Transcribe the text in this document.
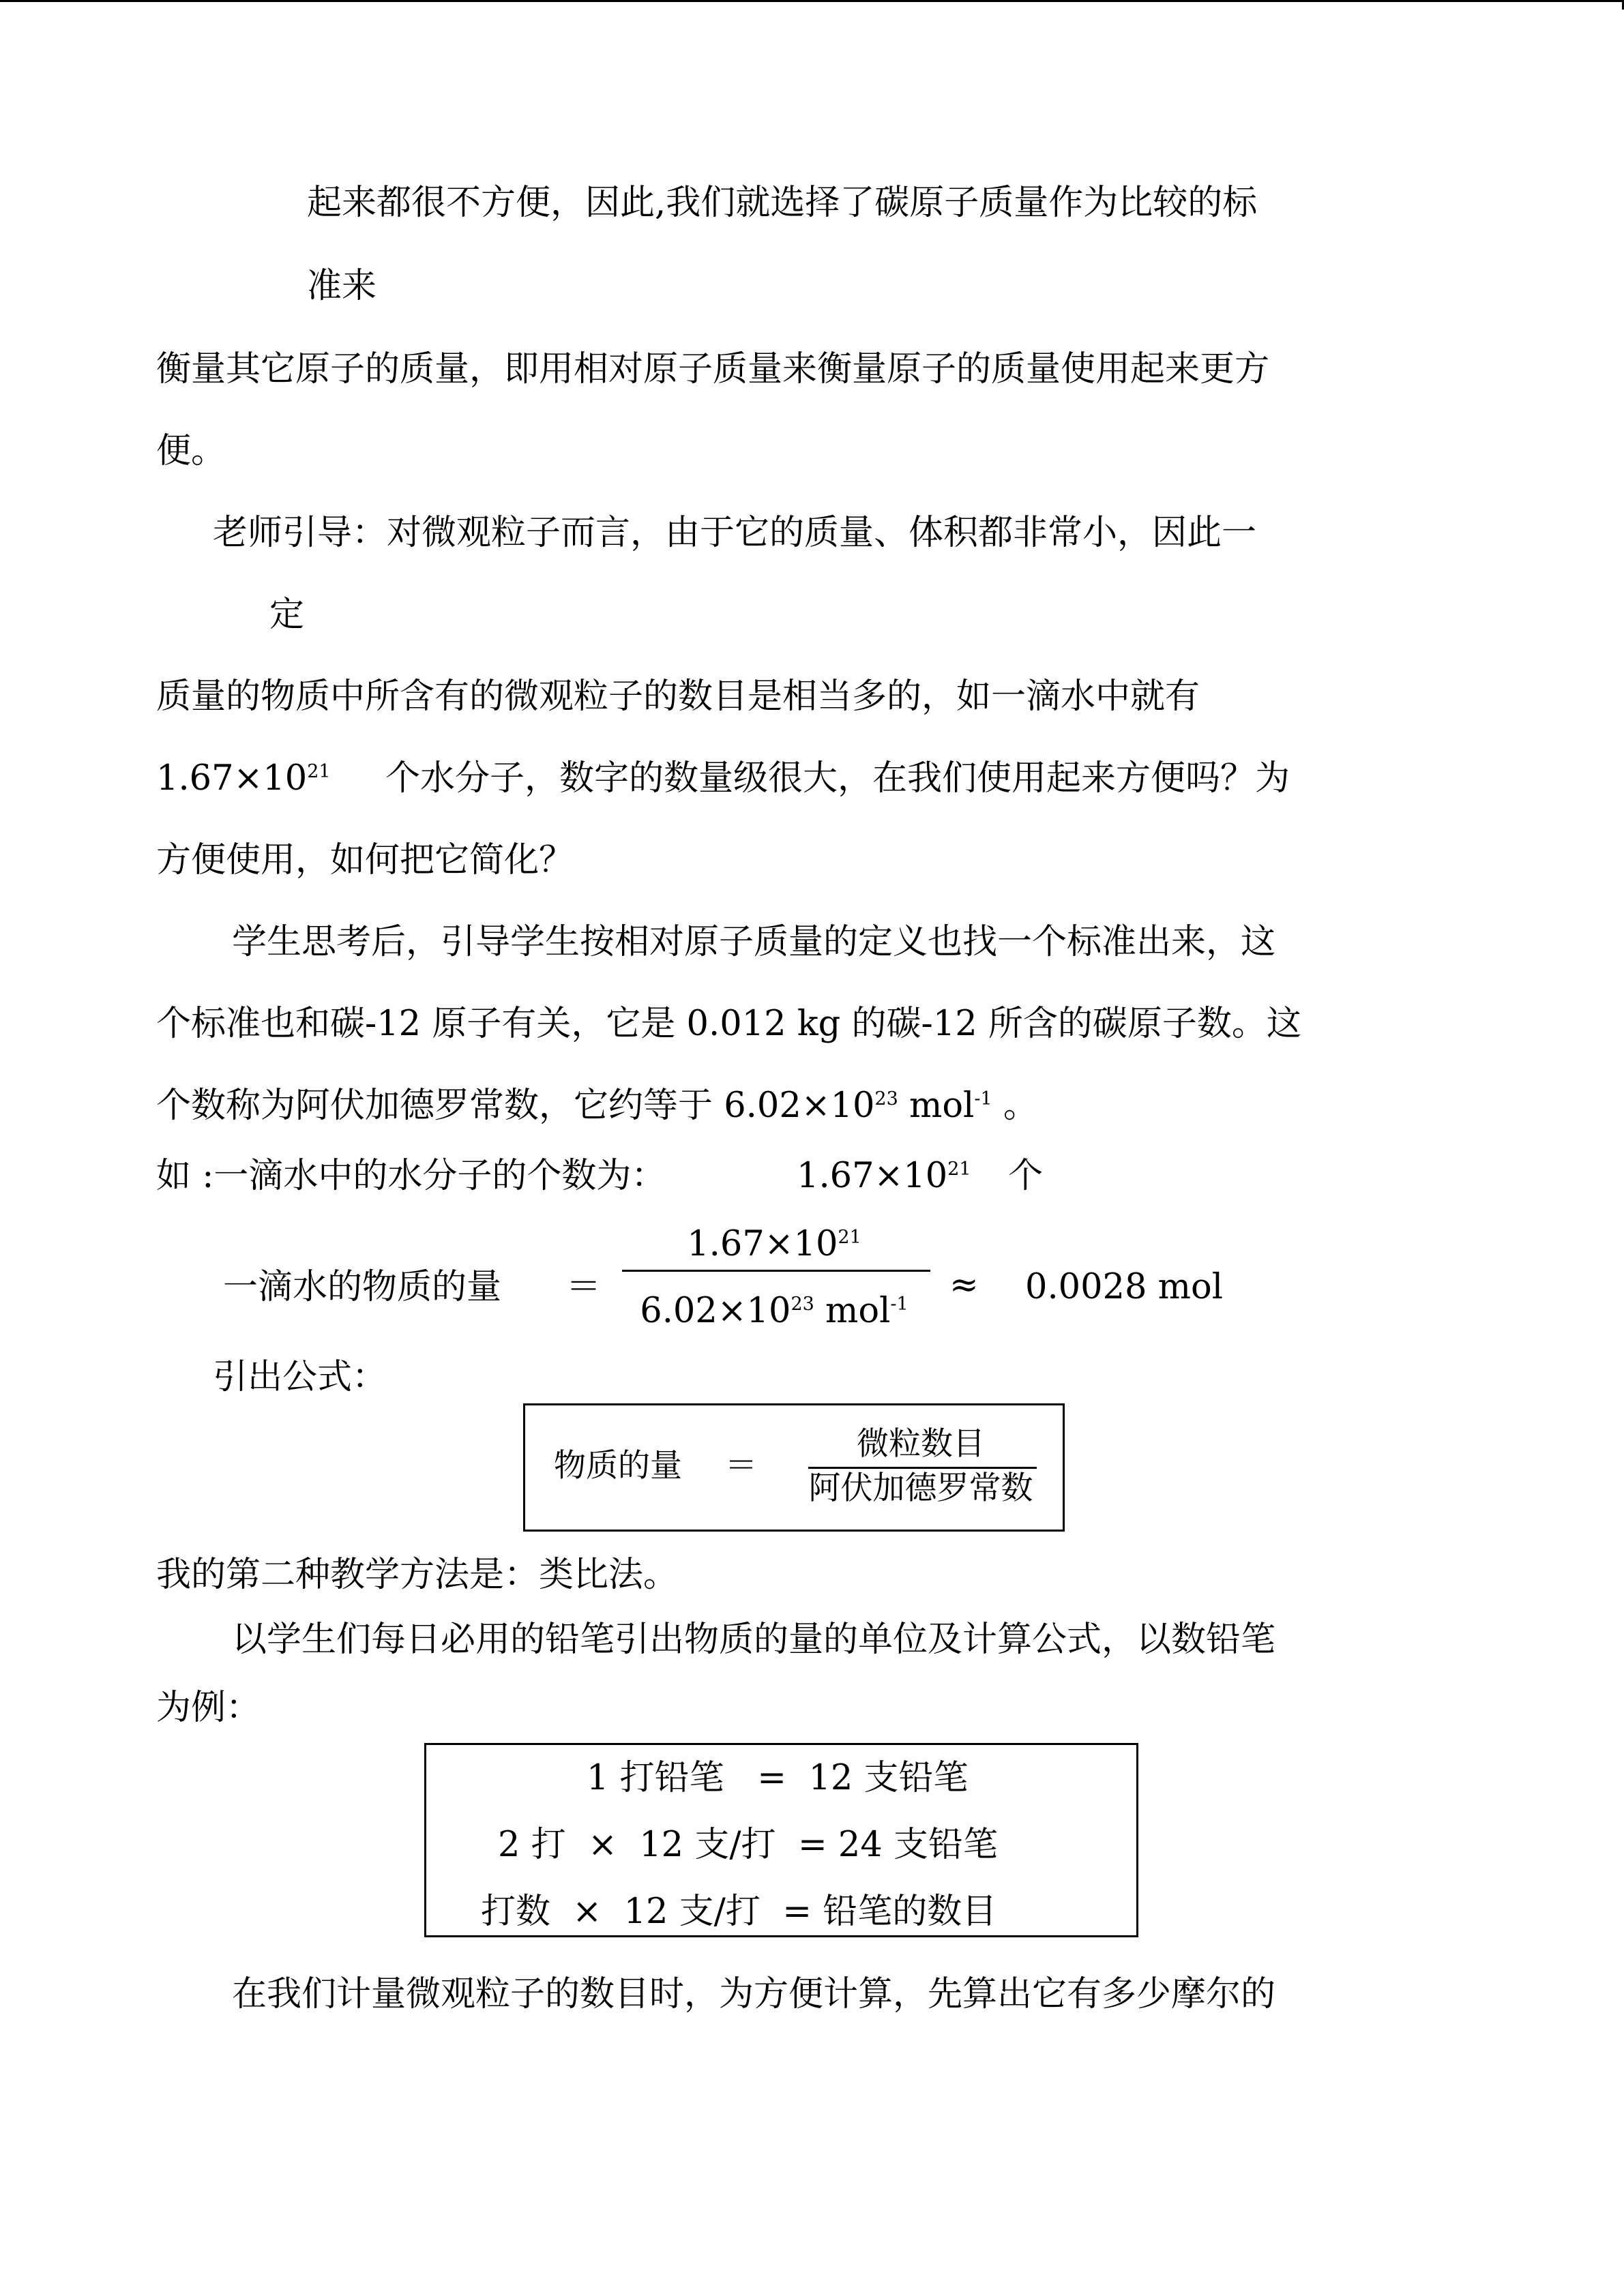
起来都很不方便，因此,我们就选择了碳原子质量作为比较的标
准来
衡量其它原子的质量，即用相对原子质量来衡量原子的质量使用起来更方
便。
老师引导：对微观粒子而言，由于它的质量、体积都非常小，因此一
定
质量的物质中所含有的微观粒子的数目是相当多的，如一滴水中就有
$1.67\times 10^{21}$ 个水分子，数字的数量级很大，在我们使用起来方便吗？为
方便使用，如何把它简化？
学生思考后，引导学生按相对原子质量的定义也找一个标准出来，这
个标准也和碳-12 原子有关，它是 0.012 kg 的碳-12 所含的碳原子数。这
个数称为阿伏加德罗常数，它约等于 $6.02\times 10^{23}$ mol$^{-1}$ 。
如 :一滴水中的水分子的个数为：	$1.67\times 10^{21}$ 个
一滴水的物质的量 ＝
$1.67\times 10^{21}$
$6.02\times 10^{23}$ mol$^{-1}$	≈ 0.0028 mol
引出公式：
物质的量 ＝
微粒数目
阿伏加德罗常数
我的第二种教学方法是：类比法。
以学生们每日必用的铅笔引出物质的量的单位及计算公式，以数铅笔
为例：
1 打铅笔   =  12 支铅笔
2 打  ×  12 支/打  = 24 支铅笔
打数  ×  12 支/打  = 铅笔的数目
在我们计量微观粒子的数目时，为方便计算，先算出它有多少摩尔的
